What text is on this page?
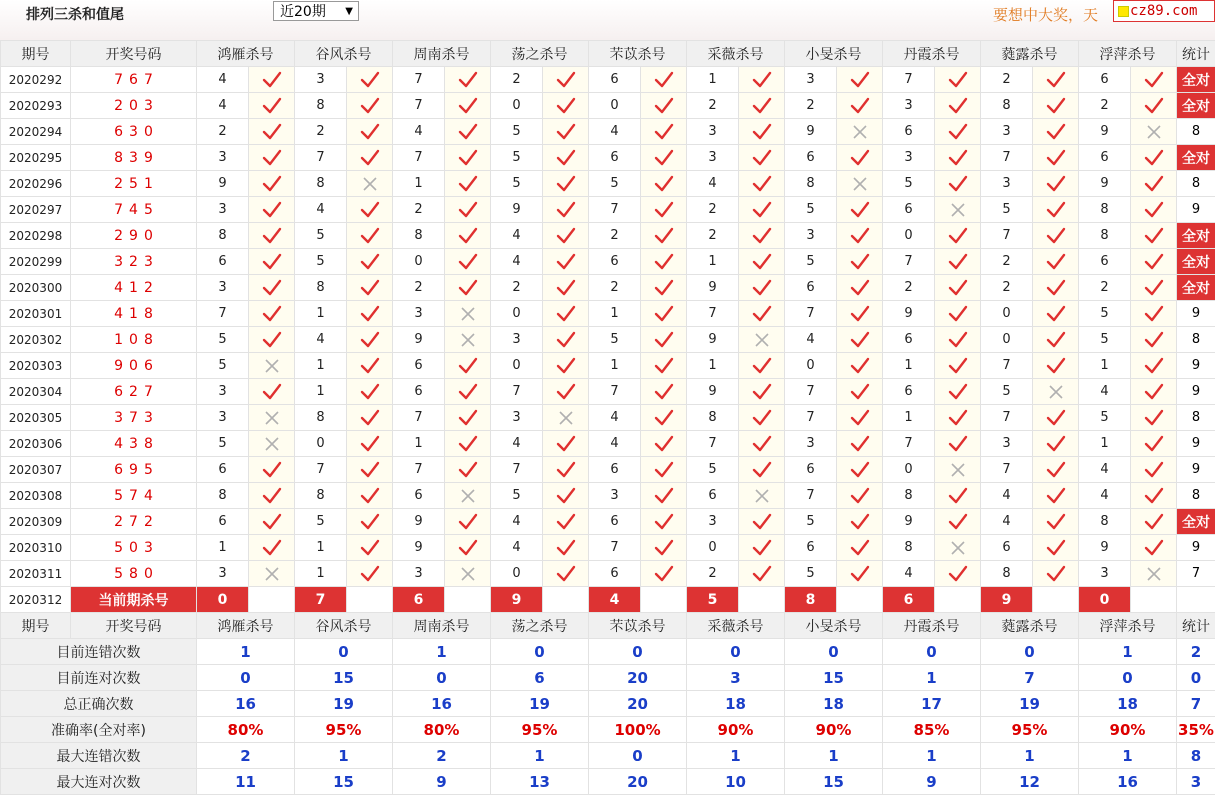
排列三杀和值尾	近20期 ▼	要想中大奖，天	cz89.com
期号	开奖号码	鸿雁杀号		谷风杀号		周南杀号		荡之杀号		芣苡杀号		采薇杀号		小旻杀号		丹霞杀号		蕤露杀号		浮萍杀号		统计
2020292	767	4		3		7		2		6		1		3		7		2		6		全对
2020293	203	4		8		7		0		0		2		2		3		8		2		全对
2020294	630	2		2		4		5		4		3		9		6		3		9		8
2020295	839	3		7		7		5		6		3		6		3		7		6		全对
2020296	251	9		8		1		5		5		4		8		5		3		9		8
2020297	745	3		4		2		9		7		2		5		6		5		8		9
2020298	290	8		5		8		4		2		2		3		0		7		8		全对
2020299	323	6		5		0		4		6		1		5		7		2		6		全对
2020300	412	3		8		2		2		2		9		6		2		2		2		全对
2020301	418	7		1		3		0		1		7		7		9		0		5		9
2020302	108	5		4		9		3		5		9		4		6		0		5		8
2020303	906	5		1		6		0		1		1		0		1		7		1		9
2020304	627	3		1		6		7		7		9		7		6		5		4		9
2020305	373	3		8		7		3		4		8		7		1		7		5		8
2020306	438	5		0		1		4		4		7		3		7		3		1		9
2020307	695	6		7		7		7		6		5		6		0		7		4		9
2020308	574	8		8		6		5		3		6		7		8		4		4		8
2020309	272	6		5		9		4		6		3		5		9		4		8		全对
2020310	503	1		1		9		4		7		0		6		8		6		9		9
2020311	580	3		1		3		0		6		2		5		4		8		3		7
2020312	当前期杀号	0		7		6		9		4		5		8		6		9		0		
期号	开奖号码	鸿雁杀号		谷风杀号		周南杀号		荡之杀号		芣苡杀号		采薇杀号		小旻杀号		丹霞杀号		蕤露杀号		浮萍杀号		统计
目前连错次数		1		0		1		0		0		0		0		0		0		1		2
目前连对次数		0		15		0		6		20		3		15		1		7		0		0
总正确次数		16		19		16		19		20		18		18		17		19		18		7
准确率(全对率)		80%		95%		80%		95%		100%		90%		90%		85%		95%		90%		35%
最大连错次数		2		1		2		1		0		1		1		1		1		1		8
最大连对次数		11		15		9		13		20		10		15		9		12		16		3
